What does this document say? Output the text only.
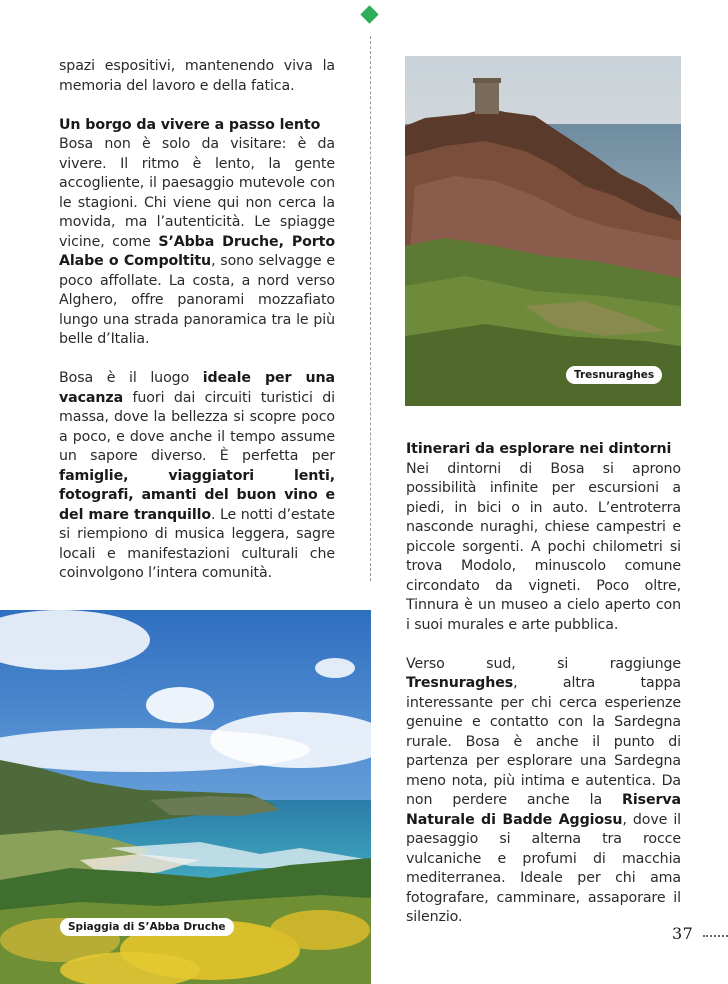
spazi espositivi, mantenendo viva la memoria del lavoro e della fatica.

Un borgo da vivere a passo lento

Bosa non è solo da visitare: è da vivere. Il ritmo è lento, la gente accogliente, il paesaggio mutevole con le stagioni. Chi viene qui non cerca la movida, ma l’autenticità. Le spiagge vicine, come S’Abba Druche, Porto Alabe o Compoltitu, sono selvagge e poco affollate. La costa, a nord verso Alghero, offre panorami mozzafiato lungo una strada panoramica tra le più belle d’Italia.

Bosa è il luogo ideale per una vacanza fuori dai circuiti turistici di massa, dove la bellezza si scopre poco a poco, e dove anche il tempo assume un sapore diverso. È perfetta per famiglie, viaggiatori lenti, fotografi, amanti del buon vino e del mare tranquillo. Le notti d’estate si riempiono di musica leggera, sagre locali e manifestazioni culturali che coinvolgono l’intera comunità.

Tresnuraghes
Itinerari da esplorare nei dintorni

Nei dintorni di Bosa si aprono possibilità infinite per escursioni a piedi, in bici o in auto. L’entroterra nasconde nuraghi, chiese campestri e piccole sorgenti. A pochi chilometri si trova Modolo, minuscolo comune circondato da vigneti. Poco oltre, Tinnura è un museo a cielo aperto con i suoi murales e arte pubblica.

Verso sud, si raggiunge Tresnuraghes, altra tappa interessante per chi cerca esperienze genuine e contatto con la Sardegna rurale. Bosa è anche il punto di partenza per esplorare una Sardegna meno nota, più intima e autentica. Da non perdere anche la Riserva Naturale di Badde Aggiosu, dove il paesaggio si alterna tra rocce vulcaniche e profumi di macchia mediterranea. Ideale per chi ama fotografare, camminare, assaporare il silenzio.

Spiaggia di S’Abba Druche	37
